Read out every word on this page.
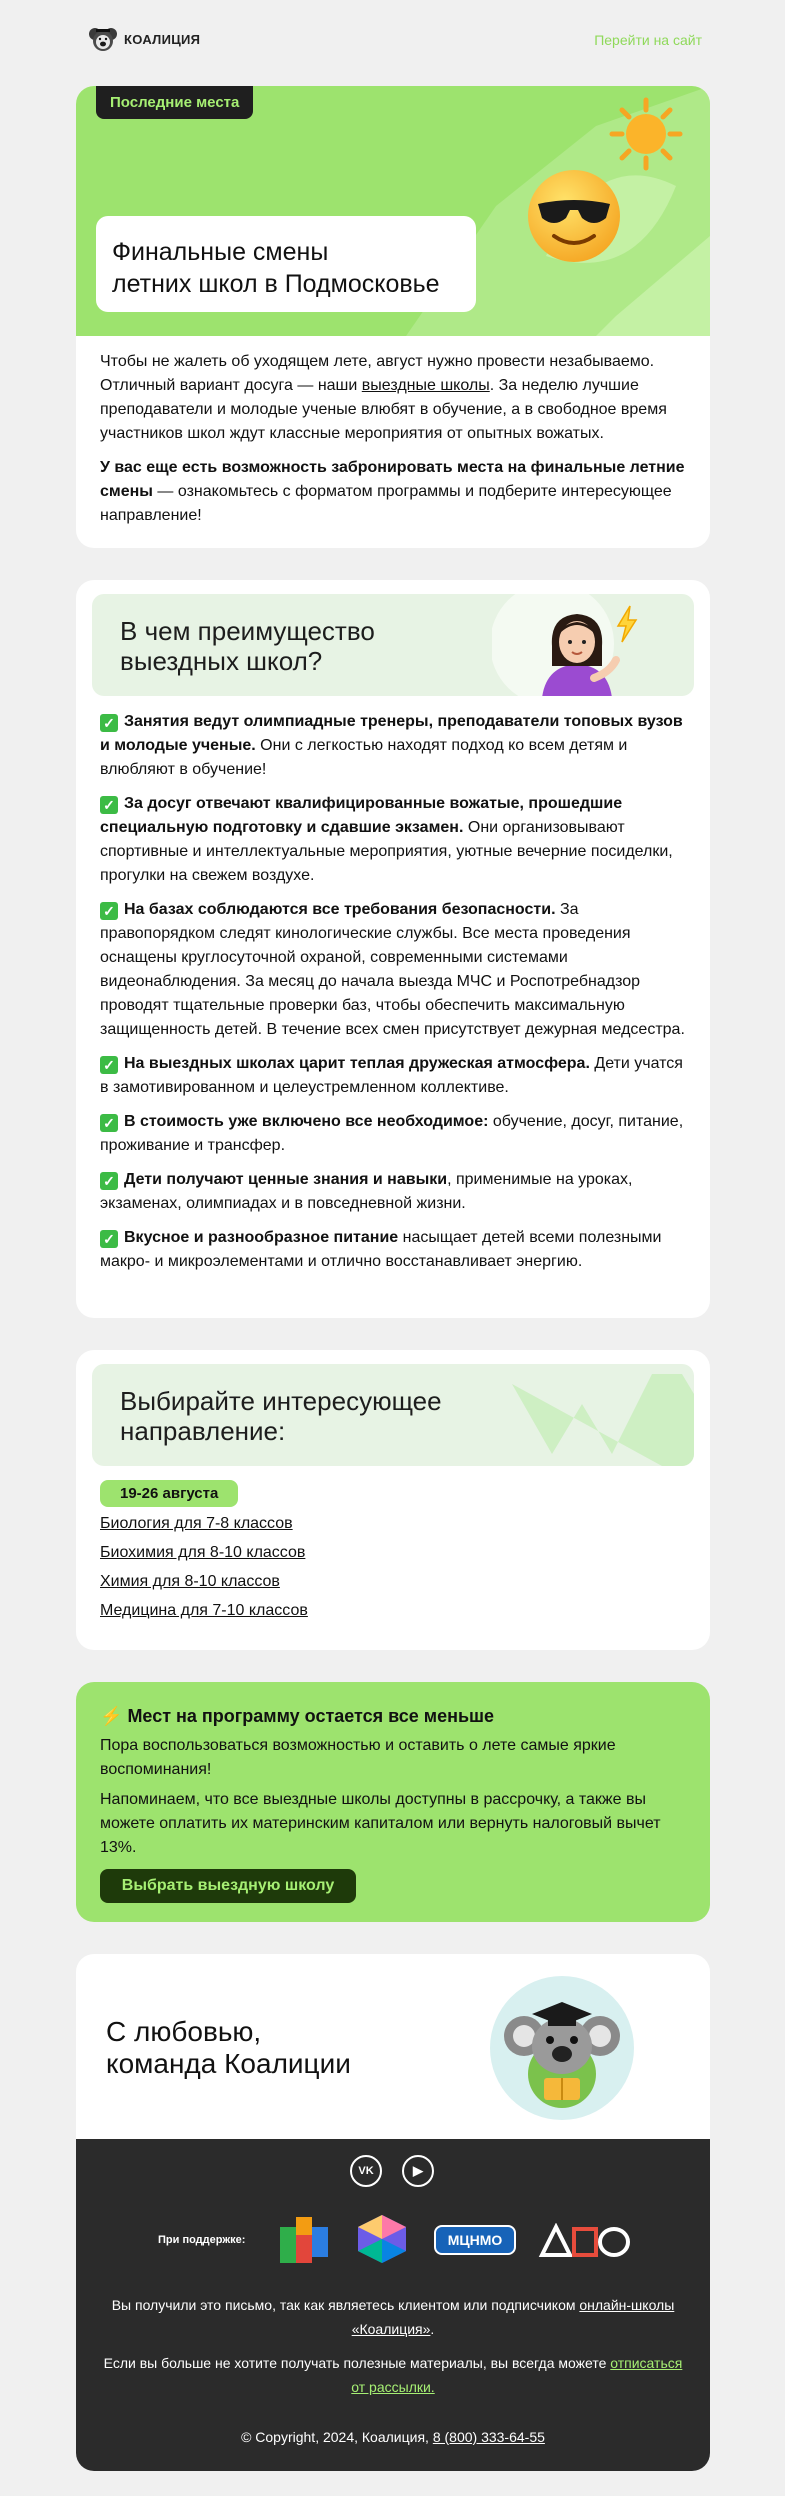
КОАЛИЦИЯ	Перейти на сайт
Последние места
Финальные смены
летних школ в Подмосковье

Чтобы не жалеть об уходящем лете, август нужно провести незабываемо. Отличный вариант досуга — наши выездные школы. За неделю лучшие преподаватели и молодые ученые влюбят в обучение, а в свободное время участников школ ждут классные мероприятия от опытных вожатых.

У вас еще есть возможность забронировать места на финальные летние смены — ознакомьтесь с форматом программы и подберите интересующее направление!

В чем преимущество
выездных школ?

✓ Занятия ведут олимпиадные тренеры, преподаватели топовых вузов и молодые ученые. Они с легкостью находят подход ко всем детям и влюбляют в обучение!

✓ За досуг отвечают квалифицированные вожатые, прошедшие специальную подготовку и сдавшие экзамен. Они организовывают спортивные и интеллектуальные мероприятия, уютные вечерние посиделки, прогулки на свежем воздухе.

✓ На базах соблюдаются все требования безопасности. За правопорядком следят кинологические службы. Все места проведения оснащены круглосуточной охраной, современными системами видеонаблюдения. За месяц до начала выезда МЧС и Роспотребнадзор проводят тщательные проверки баз, чтобы обеспечить максимальную защищенность детей. В течение всех смен присутствует дежурная медсестра.

✓ На выездных школах царит теплая дружеская атмосфера. Дети учатся в замотивированном и целеустремленном коллективе.

✓ В стоимость уже включено все необходимое: обучение, досуг, питание, проживание и трансфер.

✓ Дети получают ценные знания и навыки, применимые на уроках, экзаменах, олимпиадах и в повседневной жизни.

✓ Вкусное и разнообразное питание насыщает детей всеми полезными макро- и микроэлементами и отлично восстанавливает энергию.

Выбирайте интересующее
направление:
19-26 августа
Биология для 7-8 классов
Биохимия для 8-10 классов
Химия для 8-10 классов
Медицина для 7-10 классов
⚡ Мест на программу остается все меньше

Пора воспользоваться возможностью и оставить о лете самые яркие воспоминания!

Напоминаем, что все выездные школы доступны в рассрочку, а также вы можете оплатить их материнским капиталом или вернуть налоговый вычет 13%.

Выбрать выездную школу
С любовью,
команда Коалиции
VK	▶
При поддержке:	МЦНМО
Вы получили это письмо, так как являетесь клиентом или подписчиком онлайн-школы «Коалиция».
Если вы больше не хотите получать полезные материалы, вы всегда можете отписаться от рассылки.
© Copyright, 2024, Коалиция, 8 (800) 333-64-55
